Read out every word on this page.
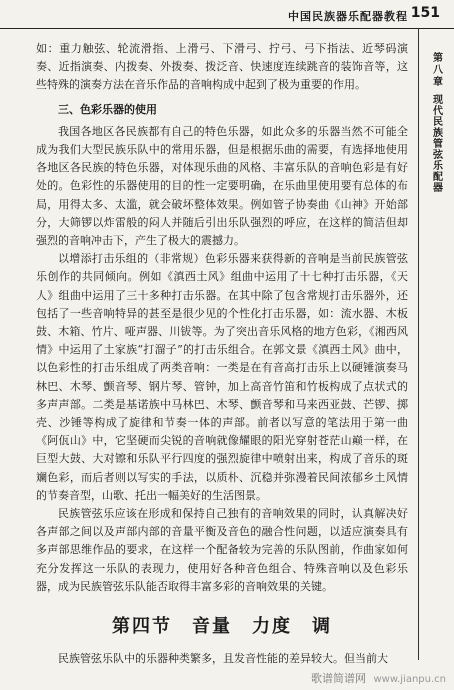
中国民族器乐配器教程 151
第八章
现代民族管弦乐配器

如：重力触弦、轮流滑指、上滑弓、下滑弓、拧弓、弓下指法、近琴码演奏、近指演奏、内拨奏、外拨奏、拨泛音、快速度连续跳音的装饰音等，这些特殊的演奏方法在音乐作品的音响构成中起到了极为重要的作用。

三、色彩乐器的使用

我国各地区各民族都有自己的特色乐器，如此众多的乐器当然不可能全成为我们大型民族乐队中的常用乐器，但是根据乐曲的需要，有选择地使用各地区各民族的特色乐器，对体现乐曲的风格、丰富乐队的音响色彩是有好处的。色彩性的乐器使用的目的性一定要明确，在乐曲里使用要有总体的布局，用得太多、太滥，就会破坏整体效果。例如管子协奏曲《山神》开始部分，大筛锣以炸雷般的闷人并随后引出乐队强烈的呼应，在这样的简洁但却强烈的音响冲击下，产生了极大的震撼力。

以增添打击乐组的（非常规）色彩乐器来获得新的音响是当前民族管弦乐创作的共同倾向。例如《滇西土风》组曲中运用了十七种打击乐器，《天人》组曲中运用了三十多种打击乐器。在其中除了包含常规打击乐器外，还包括了一些音响特异的甚至是很少见的个性化打击乐器，如：流水器、木板鼓、木箱、竹片、哑声器、川钹等。为了突出音乐风格的地方色彩，《湘西风情》中运用了土家族“打溜子”的打击乐组合。在郭文景《滇西土风》曲中，以色彩性的打击乐组成了两类音响：一类是在有音高打击乐上以硬锤演奏马林巴、木琴、颤音琴、钢片琴、管钟，加上高音竹笛和竹板构成了点状式的多声声部。二类是基诺族中马林巴、木琴、颤音琴和马来西亚鼓、芒锣、掷壳、沙锤等构成了旋律和节奏一体的声部。前者以写意的笔法用于第一曲《阿佤山》中，它坚硬而尖锐的音响就像耀眼的阳光穿射苍茫山巅一样，在巨型大鼓、大对镲和乐队平行四度的强烈旋律中喷射出来，构成了音乐的斑斓色彩，而后者则以写实的手法，以质朴、沉稳并弥漫着民间浓郁乡土风情的节奏音型，山歌、托出一幅美好的生活图景。

民族管弦乐应该在形成和保持自己独有的音响效果的同时，认真解决好各声部之间以及声部内部的音量平衡及音色的融合性问题，以适应演奏具有多声部思维作品的要求，在这样一个配备较为完善的乐队图前，作曲家如何充分发挥这一乐队的表现力，使用好各种音色组合、特殊音响以及色彩乐器，成为民族管弦乐队能否取得丰富多彩的音响效果的关键。

第四节　音量　力度　调

民族管弦乐队中的乐器种类繁多，且发音性能的差异较大。但当前大

歌谱简谱网 www.jianpu.cn
